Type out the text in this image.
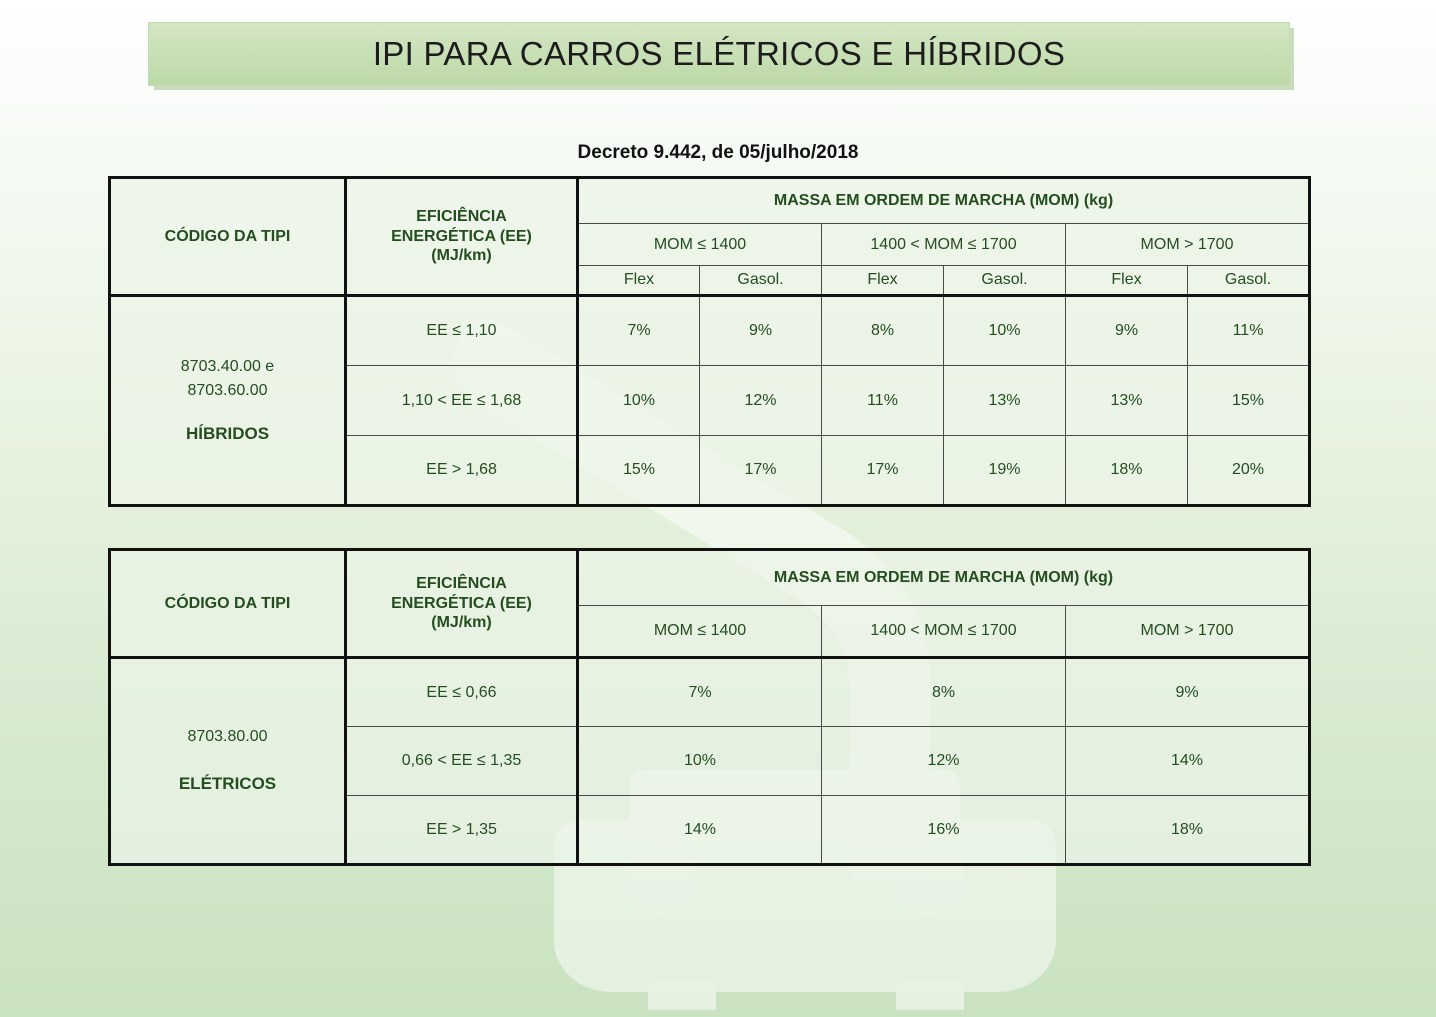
IPI PARA CARROS ELÉTRICOS E HÍBRIDOS
Decreto 9.442, de 05/julho/2018
CÓDIGO DA TIPI	EFICIÊNCIA
ENERGÉTICA (EE)
(MJ/km)	MASSA EM ORDEM DE MARCHA (MOM) (kg)					
		MOM ≤ 1400		1400 < MOM ≤ 1700		MOM > 1700	
		Flex	Gasol.	Flex	Gasol.	Flex	Gasol.

8703.40.00 e
8703.60.00
HÍBRIDOS	EE ≤ 1,10	7%	9%	8%	10%	9%	11%
	1,10 < EE ≤ 1,68	10%	12%	11%	13%	13%	15%
	EE > 1,68	15%	17%	17%	19%	18%	20%
CÓDIGO DA TIPI	EFICIÊNCIA
ENERGÉTICA (EE)
(MJ/km)	MASSA EM ORDEM DE MARCHA (MOM) (kg)		
		MOM ≤ 1400	1400 < MOM ≤ 1700	MOM > 1700

8703.80.00
ELÉTRICOS	EE ≤ 0,66	7%	8%	9%
	0,66 < EE ≤ 1,35	10%	12%	14%
	EE > 1,35	14%	16%	18%
